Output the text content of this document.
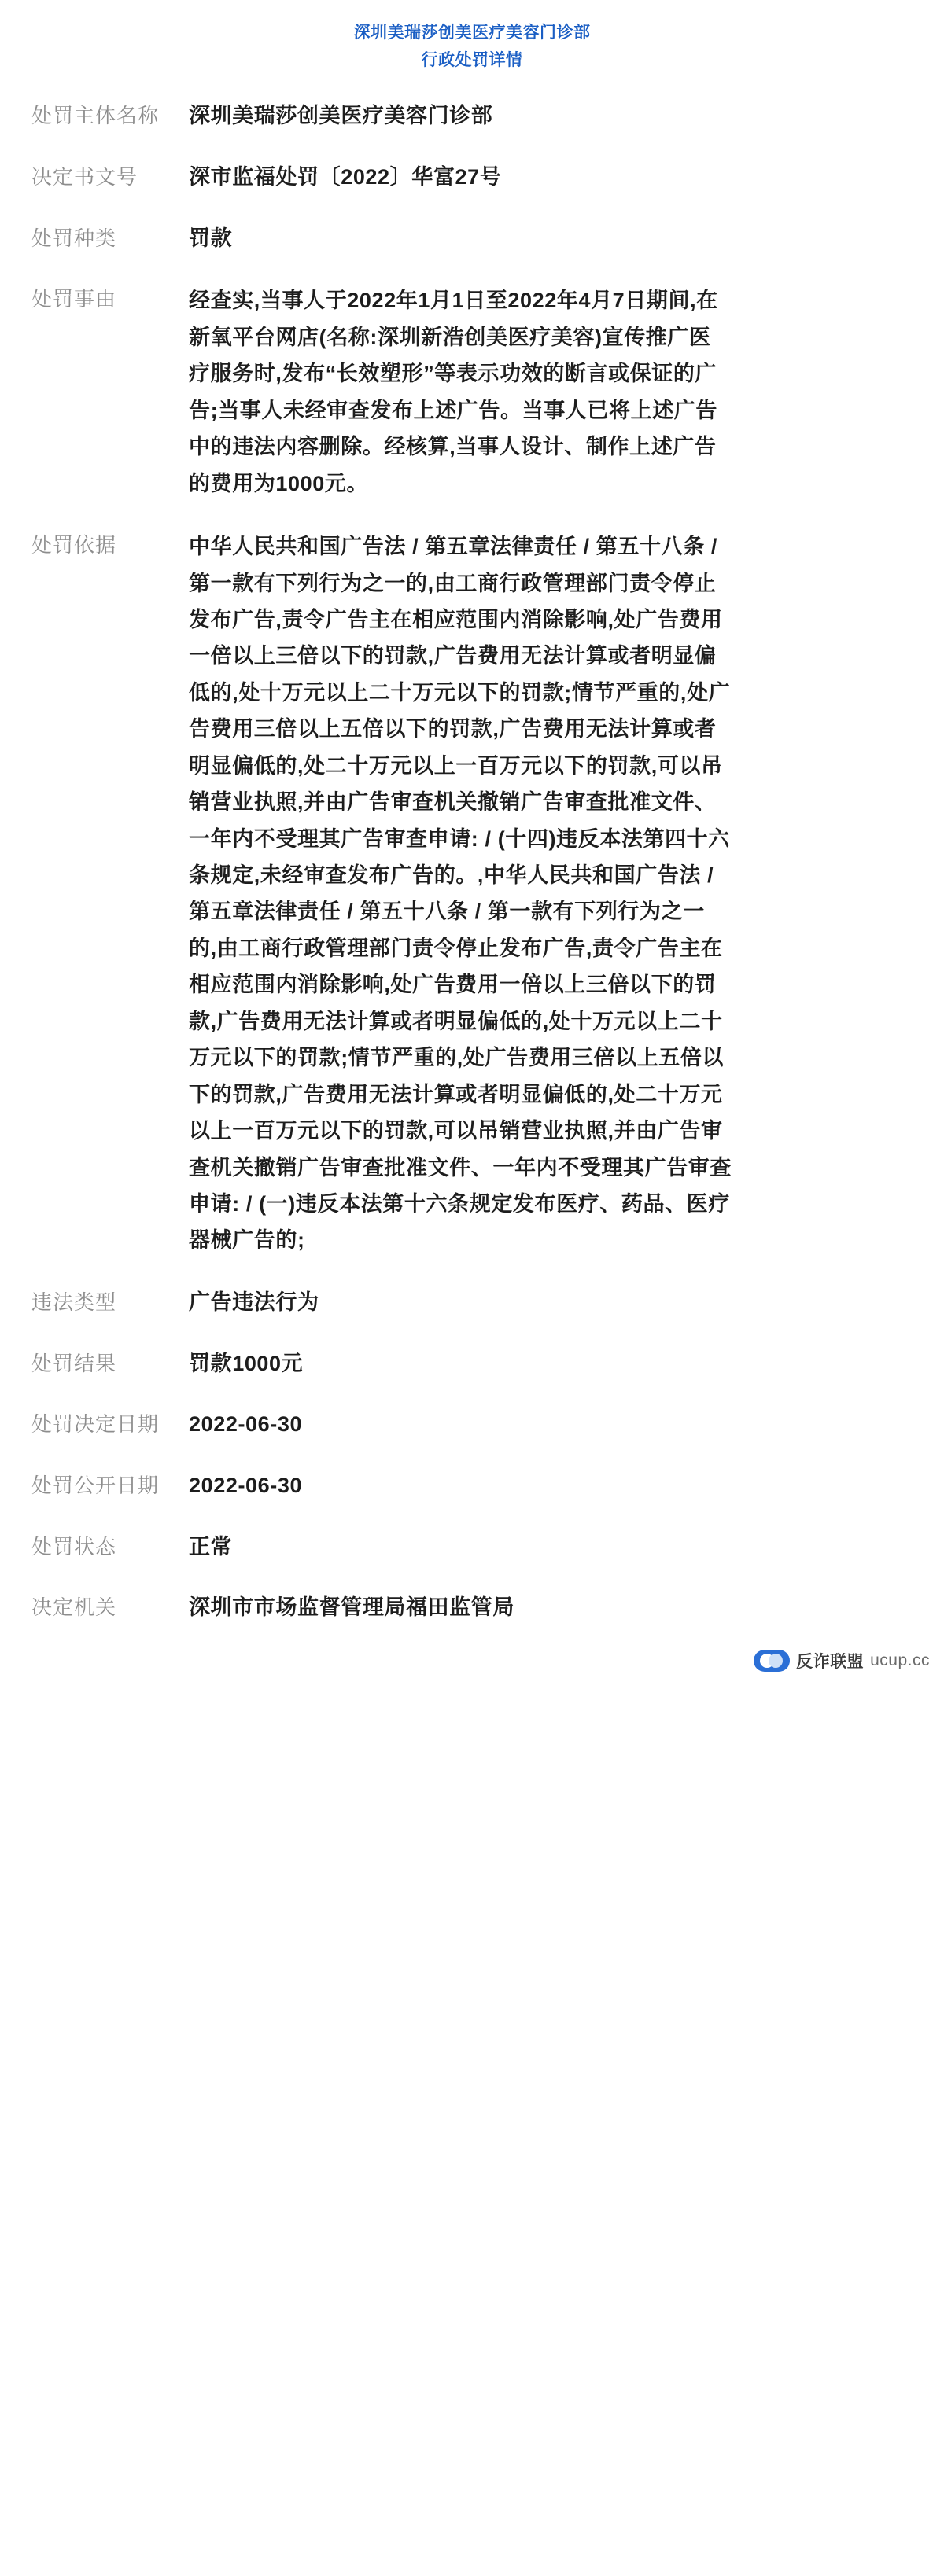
深圳美瑞莎创美医疗美容门诊部
行政处罚详情
处罚主体名称	深圳美瑞莎创美医疗美容门诊部
决定书文号	深市监福处罚〔2022〕华富27号
处罚种类	罚款
处罚事由	经查实,当事人于2022年1月1日至2022年4月7日期间,在新氧平台网店(名称:深圳新浩创美医疗美容)宣传推广医疗服务时,发布“长效塑形”等表示功效的断言或保证的广告;当事人未经审查发布上述广告。当事人已将上述广告中的违法内容删除。经核算,当事人设计、制作上述广告的费用为1000元。
处罚依据	中华人民共和国广告法 / 第五章法律责任 / 第五十八条 / 第一款有下列行为之一的,由工商行政管理部门责令停止发布广告,责令广告主在相应范围内消除影响,处广告费用一倍以上三倍以下的罚款,广告费用无法计算或者明显偏低的,处十万元以上二十万元以下的罚款;情节严重的,处广告费用三倍以上五倍以下的罚款,广告费用无法计算或者明显偏低的,处二十万元以上一百万元以下的罚款,可以吊销营业执照,并由广告审查机关撤销广告审查批准文件、一年内不受理其广告审查申请: / (十四)违反本法第四十六条规定,未经审查发布广告的。,中华人民共和国广告法 / 第五章法律责任 / 第五十八条 / 第一款有下列行为之一的,由工商行政管理部门责令停止发布广告,责令广告主在相应范围内消除影响,处广告费用一倍以上三倍以下的罚款,广告费用无法计算或者明显偏低的,处十万元以上二十万元以下的罚款;情节严重的,处广告费用三倍以上五倍以下的罚款,广告费用无法计算或者明显偏低的,处二十万元以上一百万元以下的罚款,可以吊销营业执照,并由广告审查机关撤销广告审查批准文件、一年内不受理其广告审查申请: / (一)违反本法第十六条规定发布医疗、药品、医疗器械广告的;
违法类型	广告违法行为
处罚结果	罚款1000元
处罚决定日期	2022-06-30
处罚公开日期	2022-06-30
处罚状态	正常
决定机关	深圳市市场监督管理局福田监管局
反诈联盟 ucup.cc
